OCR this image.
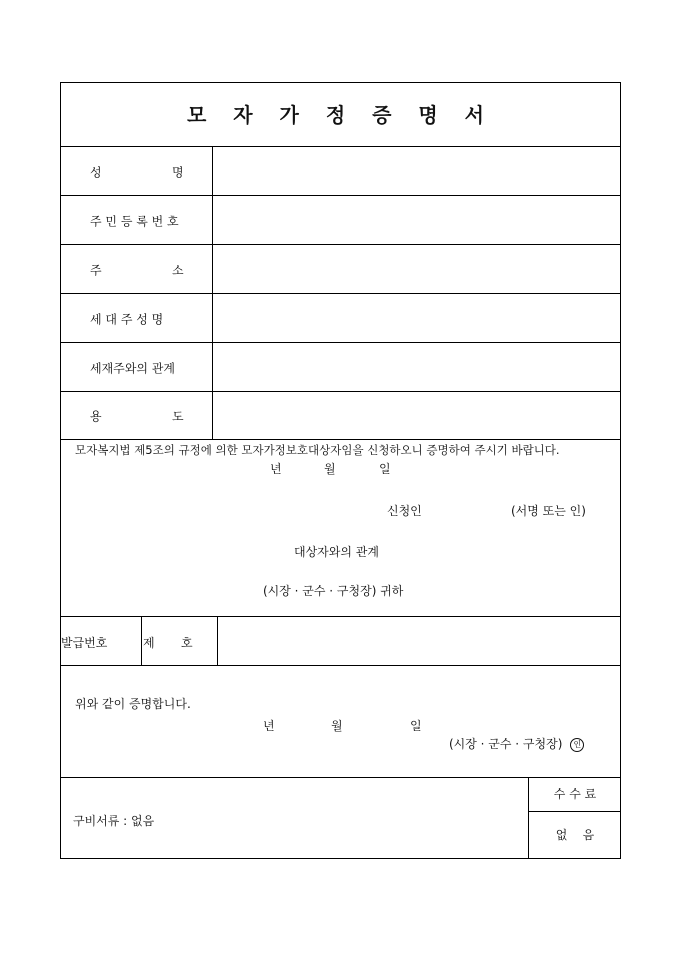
모 자 가 정 증 명 서
성	명
주 민 등 록 번 호
주	소
세 대 주 성 명
세재주와의 관계
용	도
모자복지법 제5조의 규정에 의한 모자가정보호대상자임을 신청하오니 증명하여 주시기 바랍니다.
년	월	일
신청인	(서명 또는 인)
대상자와의 관계
(시장 · 군수 · 구청장) 귀하
발급번호	제 호
위와 같이 증명합니다.
년	월	일
(시장 · 군수 · 구청장) 인
구비서류 : 없음
수 수 료
없    음
